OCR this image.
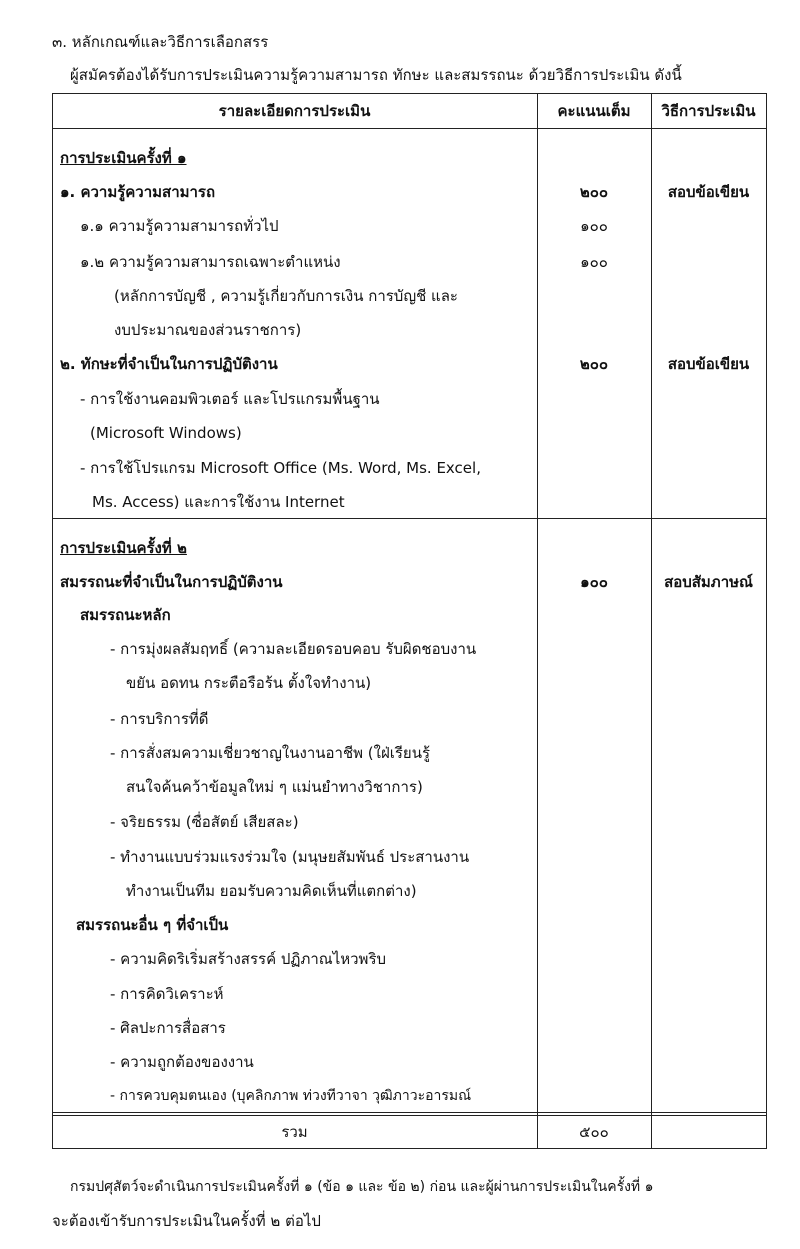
๓. หลักเกณฑ์และวิธีการเลือกสรร
ผู้สมัครต้องได้รับการประเมินความรู้ความสามารถ ทักษะ และสมรรถนะ ด้วยวิธีการประเมิน ดังนี้
รายละเอียดการประเมิน	คะแนนเต็ม	วิธีการประเมิน
การประเมินครั้งที่ ๑
๑. ความรู้ความสามารถ	๒๐๐	สอบข้อเขียน
๑.๑ ความรู้ความสามารถทั่วไป	๑๐๐
๑.๒ ความรู้ความสามารถเฉพาะตำแหน่ง	๑๐๐
(หลักการบัญชี , ความรู้เกี่ยวกับการเงิน การบัญชี และ
งบประมาณของส่วนราชการ)
๒. ทักษะที่จำเป็นในการปฏิบัติงาน	๒๐๐	สอบข้อเขียน
- การใช้งานคอมพิวเตอร์ และโปรแกรมพื้นฐาน
(Microsoft Windows)
- การใช้โปรแกรม Microsoft Office (Ms. Word, Ms. Excel,
Ms. Access) และการใช้งาน Internet
การประเมินครั้งที่ ๒
สมรรถนะที่จำเป็นในการปฏิบัติงาน	๑๐๐	สอบสัมภาษณ์
สมรรถนะหลัก
- การมุ่งผลสัมฤทธิ์ (ความละเอียดรอบคอบ รับผิดชอบงาน
ขยัน อดทน กระตือรือร้น ตั้งใจทำงาน)
- การบริการที่ดี
- การสั่งสมความเชี่ยวชาญในงานอาชีพ (ใฝ่เรียนรู้
สนใจค้นคว้าข้อมูลใหม่ ๆ แม่นยำทางวิชาการ)
- จริยธรรม (ซื่อสัตย์ เสียสละ)
- ทำงานแบบร่วมแรงร่วมใจ (มนุษยสัมพันธ์ ประสานงาน
ทำงานเป็นทีม ยอมรับความคิดเห็นที่แตกต่าง)
สมรรถนะอื่น ๆ ที่จำเป็น
- ความคิดริเริ่มสร้างสรรค์ ปฏิภาณไหวพริบ
- การคิดวิเคราะห์
- ศิลปะการสื่อสาร
- ความถูกต้องของงาน
- การควบคุมตนเอง (บุคลิกภาพ ท่วงทีวาจา วุฒิภาวะอารมณ์
รวม	๕๐๐
กรมปศุสัตว์จะดำเนินการประเมินครั้งที่ ๑ (ข้อ ๑ และ ข้อ ๒) ก่อน และผู้ผ่านการประเมินในครั้งที่ ๑
จะต้องเข้ารับการประเมินในครั้งที่ ๒ ต่อไป
